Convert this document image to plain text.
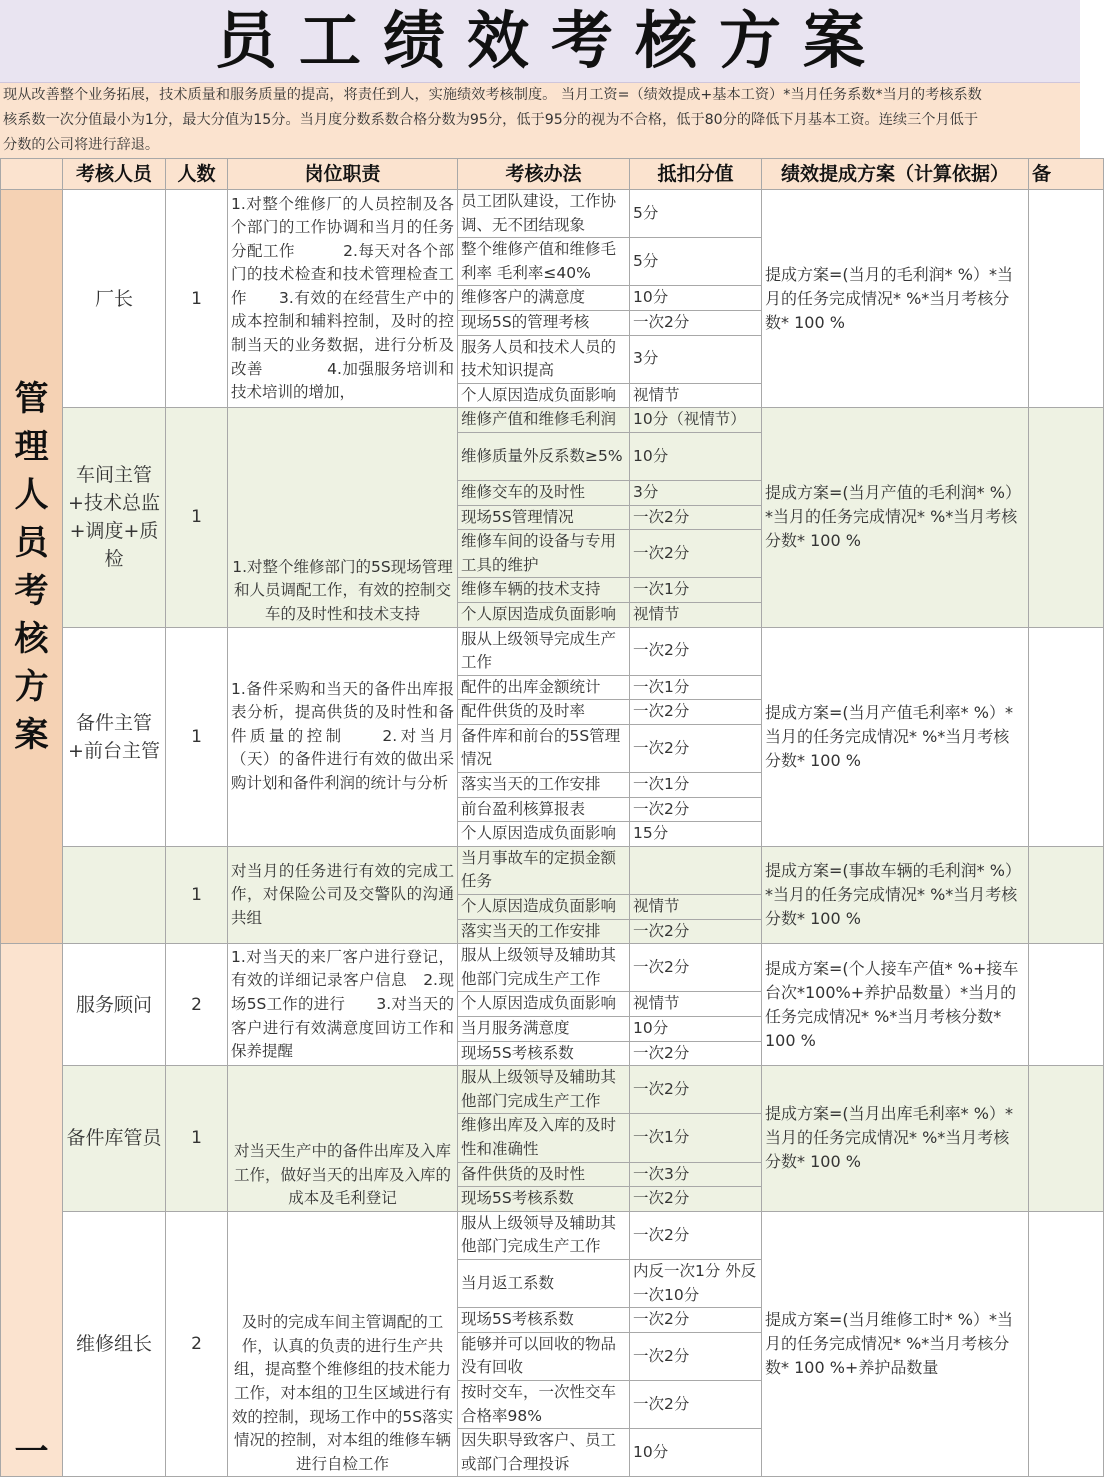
员工绩效考核方案
现从改善整个业务拓展，技术质量和服务质量的提高，将责任到人，实施绩效考核制度。 当月工资=（绩效提成+基本工资）*当月任务系数*当月的考核系数
核系数一次分值最小为1分，最大分值为15分。当月度分数系数合格分数为95分，低于95分的视为不合格，低于80分的降低下月基本工资。连续三个月低于
分数的公司将进行辞退。
	考核人员	人数	岗位职责	考核办法	抵扣分值	绩效提成方案（计算依据）	备

管理人员考核方案	厂长	1	1.对整个维修厂的人员控制及各个部门的工作协调和当月的任务分配工作　　　2.每天对各个部门的技术检查和技术管理检查工作　　3.有效的在经营生产中的成本控制和辅料控制，及时的控制当天的业务数据，进行分析及改善　　　　4.加强服务培训和技术培训的增加，	员工团队建设，工作协调、无不团结现象	5分	提成方案=(当月的毛利润* %）*当月的任务完成情况* %*当月考核分数* 100 %	
				整个维修产值和维修毛利率 毛利率≤40%	5分		
				维修客户的满意度	10分		
				现场5S的管理考核	一次2分		
				服务人员和技术人员的技术知识提高	3分		
				个人原因造成负面影响	视情节		
	车间主管+技术总监+调度+质检	1	1.对整个维修部门的5S现场管理和人员调配工作，有效的控制交车的及时性和技术支持	维修产值和维修毛利润	10分（视情节）	提成方案=(当月产值的毛利润* %）*当月的任务完成情况* %*当月考核分数* 100 %	
				维修质量外反系数≥5%	10分		
				维修交车的及时性	3分		
				现场5S管理情况	一次2分		
				维修车间的设备与专用工具的维护	一次2分		
				维修车辆的技术支持	一次1分		
				个人原因造成负面影响	视情节		
	备件主管+前台主管	1	1.备件采购和当天的备件出库报表分析，提高供货的及时性和备件质量的控制　　2.对当月（天）的备件进行有效的做出采购计划和备件利润的统计与分析	服从上级领导完成生产工作	一次2分	提成方案=(当月产值毛利率* %）*当月的任务完成情况* %*当月考核分数* 100 %	
				配件的出库金额统计	一次1分		
				配件供货的及时率	一次2分		
				备件库和前台的5S管理情况	一次2分		
				落实当天的工作安排	一次1分		
				前台盈利核算报表	一次2分		
				个人原因造成负面影响	15分		
		1	对当月的任务进行有效的完成工作，对保险公司及交警队的沟通共组	当月事故车的定损金额任务		提成方案=(事故车辆的毛利润* %）*当月的任务完成情况* %*当月考核分数* 100 %	
				个人原因造成负面影响	视情节		
				落实当天的工作安排	一次2分		

一	服务顾问	2	1.对当天的来厂客户进行登记，有效的详细记录客户信息　2.现场5S工作的进行　　3.对当天的客户进行有效满意度回访工作和保养提醒	服从上级领导及辅助其他部门完成生产工作	一次2分	提成方案=(个人接车产值* %+接车台次*100%+养护品数量）*当月的任务完成情况* %*当月考核分数* 100 %	
				个人原因造成负面影响	视情节		
				当月服务满意度	10分		
				现场5S考核系数	一次2分		
	备件库管员	1	对当天生产中的备件出库及入库工作，做好当天的出库及入库的成本及毛利登记	服从上级领导及辅助其他部门完成生产工作	一次2分	提成方案=(当月出库毛利率* %）*当月的任务完成情况* %*当月考核分数* 100 %	
				维修出库及入库的及时性和准确性	一次1分		
				备件供货的及时性	一次3分		
				现场5S考核系数	一次2分		
	维修组长	2	及时的完成车间主管调配的工作，认真的负责的进行生产共组，提高整个维修组的技术能力工作，对本组的卫生区域进行有效的控制，现场工作中的5S落实情况的控制，对本组的维修车辆进行自检工作	服从上级领导及辅助其他部门完成生产工作	一次2分	提成方案=(当月维修工时* %）*当月的任务完成情况* %*当月考核分数* 100 %+养护品数量	
				当月返工系数	内反一次1分 外反一次10分		
				现场5S考核系数	一次2分		
				能够并可以回收的物品没有回收	一次2分		
				按时交车，一次性交车合格率98%	一次2分		
				因失职导致客户、员工或部门合理投诉	10分		
